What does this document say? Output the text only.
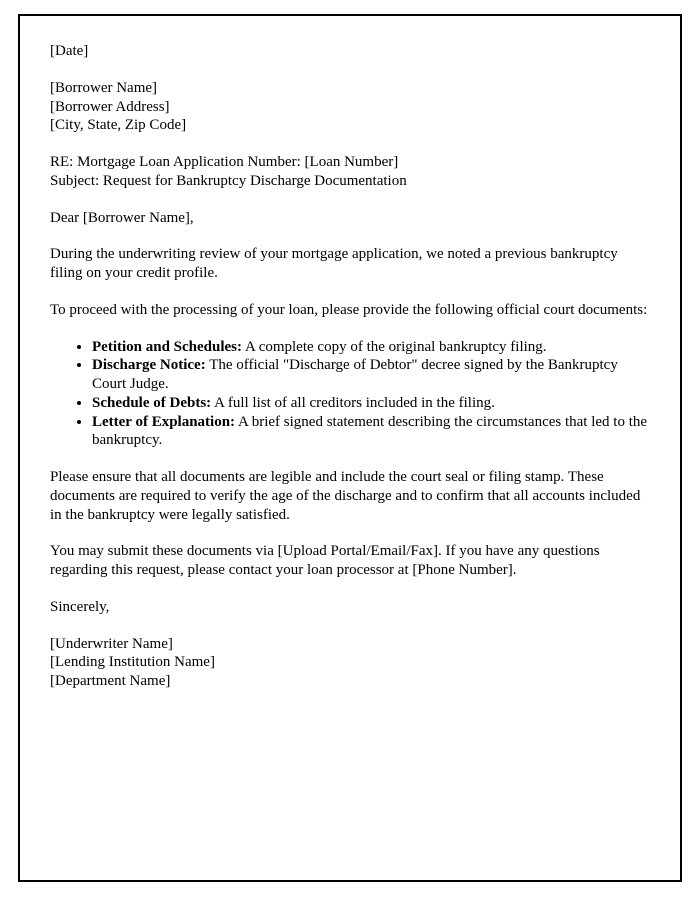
[Date]

[Borrower Name]
[Borrower Address]
[City, State, Zip Code]
RE: Mortgage Loan Application Number: [Loan Number]
Subject: Request for Bankruptcy Discharge Documentation

Dear [Borrower Name],

During the underwriting review of your mortgage application, we noted a previous bankruptcy filing on your credit profile.

To proceed with the processing of your loan, please provide the following official court documents:

• Petition and Schedules: A complete copy of the original bankruptcy filing.
• Discharge Notice: The official "Discharge of Debtor" decree signed by the Bankruptcy Court Judge.
• Schedule of Debts: A full list of all creditors included in the filing.
• Letter of Explanation: A brief signed statement describing the circumstances that led to the bankruptcy.

Please ensure that all documents are legible and include the court seal or filing stamp. These documents are required to verify the age of the discharge and to confirm that all accounts included in the bankruptcy were legally satisfied.

You may submit these documents via [Upload Portal/Email/Fax]. If you have any questions regarding this request, please contact your loan processor at [Phone Number].

Sincerely,

[Underwriter Name]
[Lending Institution Name]
[Department Name]
